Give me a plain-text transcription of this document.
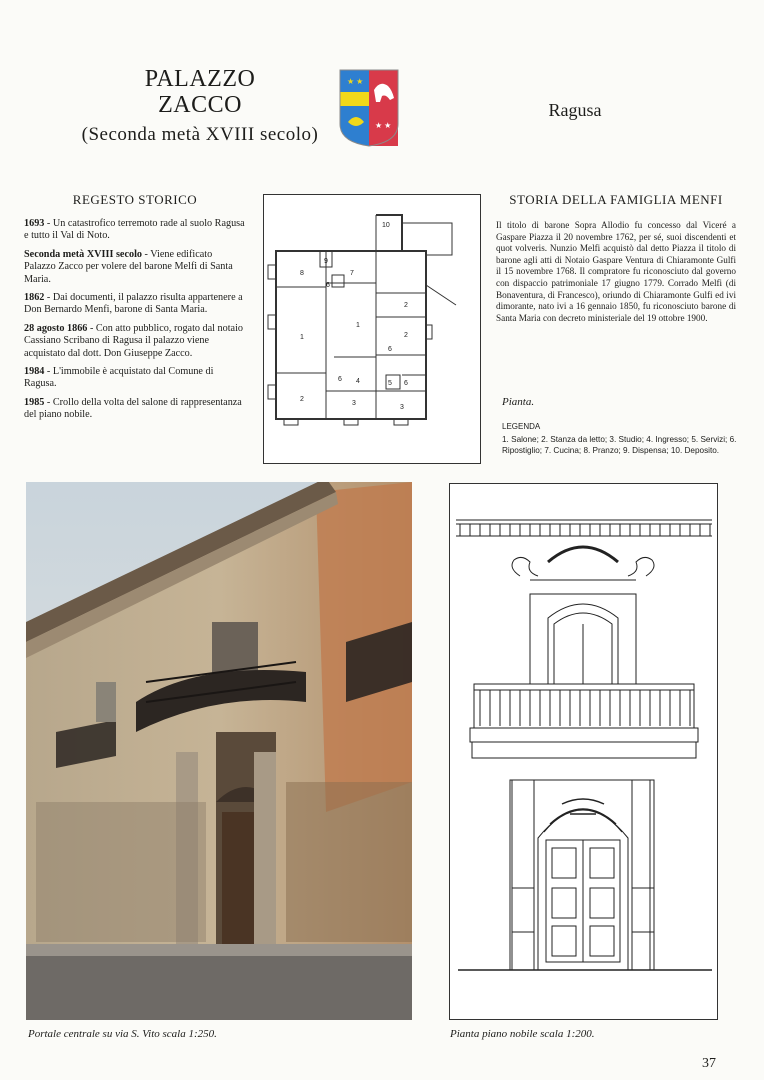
PALAZZO
ZACCO
(Seconda metà XVIII secolo)
★ ★
★ ★
Ragusa
REGESTO STORICO
1693 - Un catastrofico terremoto rade al suolo Ragusa e tutto il Val di Noto.
Seconda metà XVIII secolo - Viene edificato Palazzo Zacco per volere del barone Melfi di Santa Maria.
1862 - Dai documenti, il palazzo risulta appartenere a Don Bernardo Menfi, barone di Santa Maria.
28 agosto 1866 - Con atto pubblico, rogato dal notaio Cassiano Scribano di Ragusa il palazzo viene acquistato dal dott. Don Giuseppe Zacco.
1984 - L'immobile è acquistato dal Comune di Ragusa.
1985 - Crollo della volta del salone di rappresentanza del piano nobile.
8
9
7
10
6
1
1
2
2
6
2
3
3
4
6
5 6
STORIA DELLA FAMIGLIA MENFI
Il titolo di barone Sopra Allodio fu concesso dal Viceré a Gaspare Piazza il 20 novembre 1762, per sé, suoi discendenti et quot volveris. Nunzio Melfi acquistò dal detto Piazza il titolo di barone agli atti di Notaio Gaspare Ventura di Chiaramonte Gulfi il 15 novembre 1768. Il compratore fu riconosciuto dal governo con dispaccio patrimoniale 17 giugno 1779. Corrado Melfi (di Bonaventura, di Francesco), oriundo di Chiaramonte Gulfi ed ivi dimorante, nato ivi a 16 gennaio 1850, fu riconosciuto barone di Santa Maria con decreto ministeriale del 19 ottobre 1900.
Pianta.
LEGENDA
1. Salone; 2. Stanza da letto; 3. Studio; 4. Ingresso; 5. Servizi; 6. Ripostiglio; 7. Cucina; 8. Pranzo; 9. Dispensa; 10. Deposito.
Portale centrale su via S. Vito scala 1:250.	Pianta piano nobile scala 1:200.
37
